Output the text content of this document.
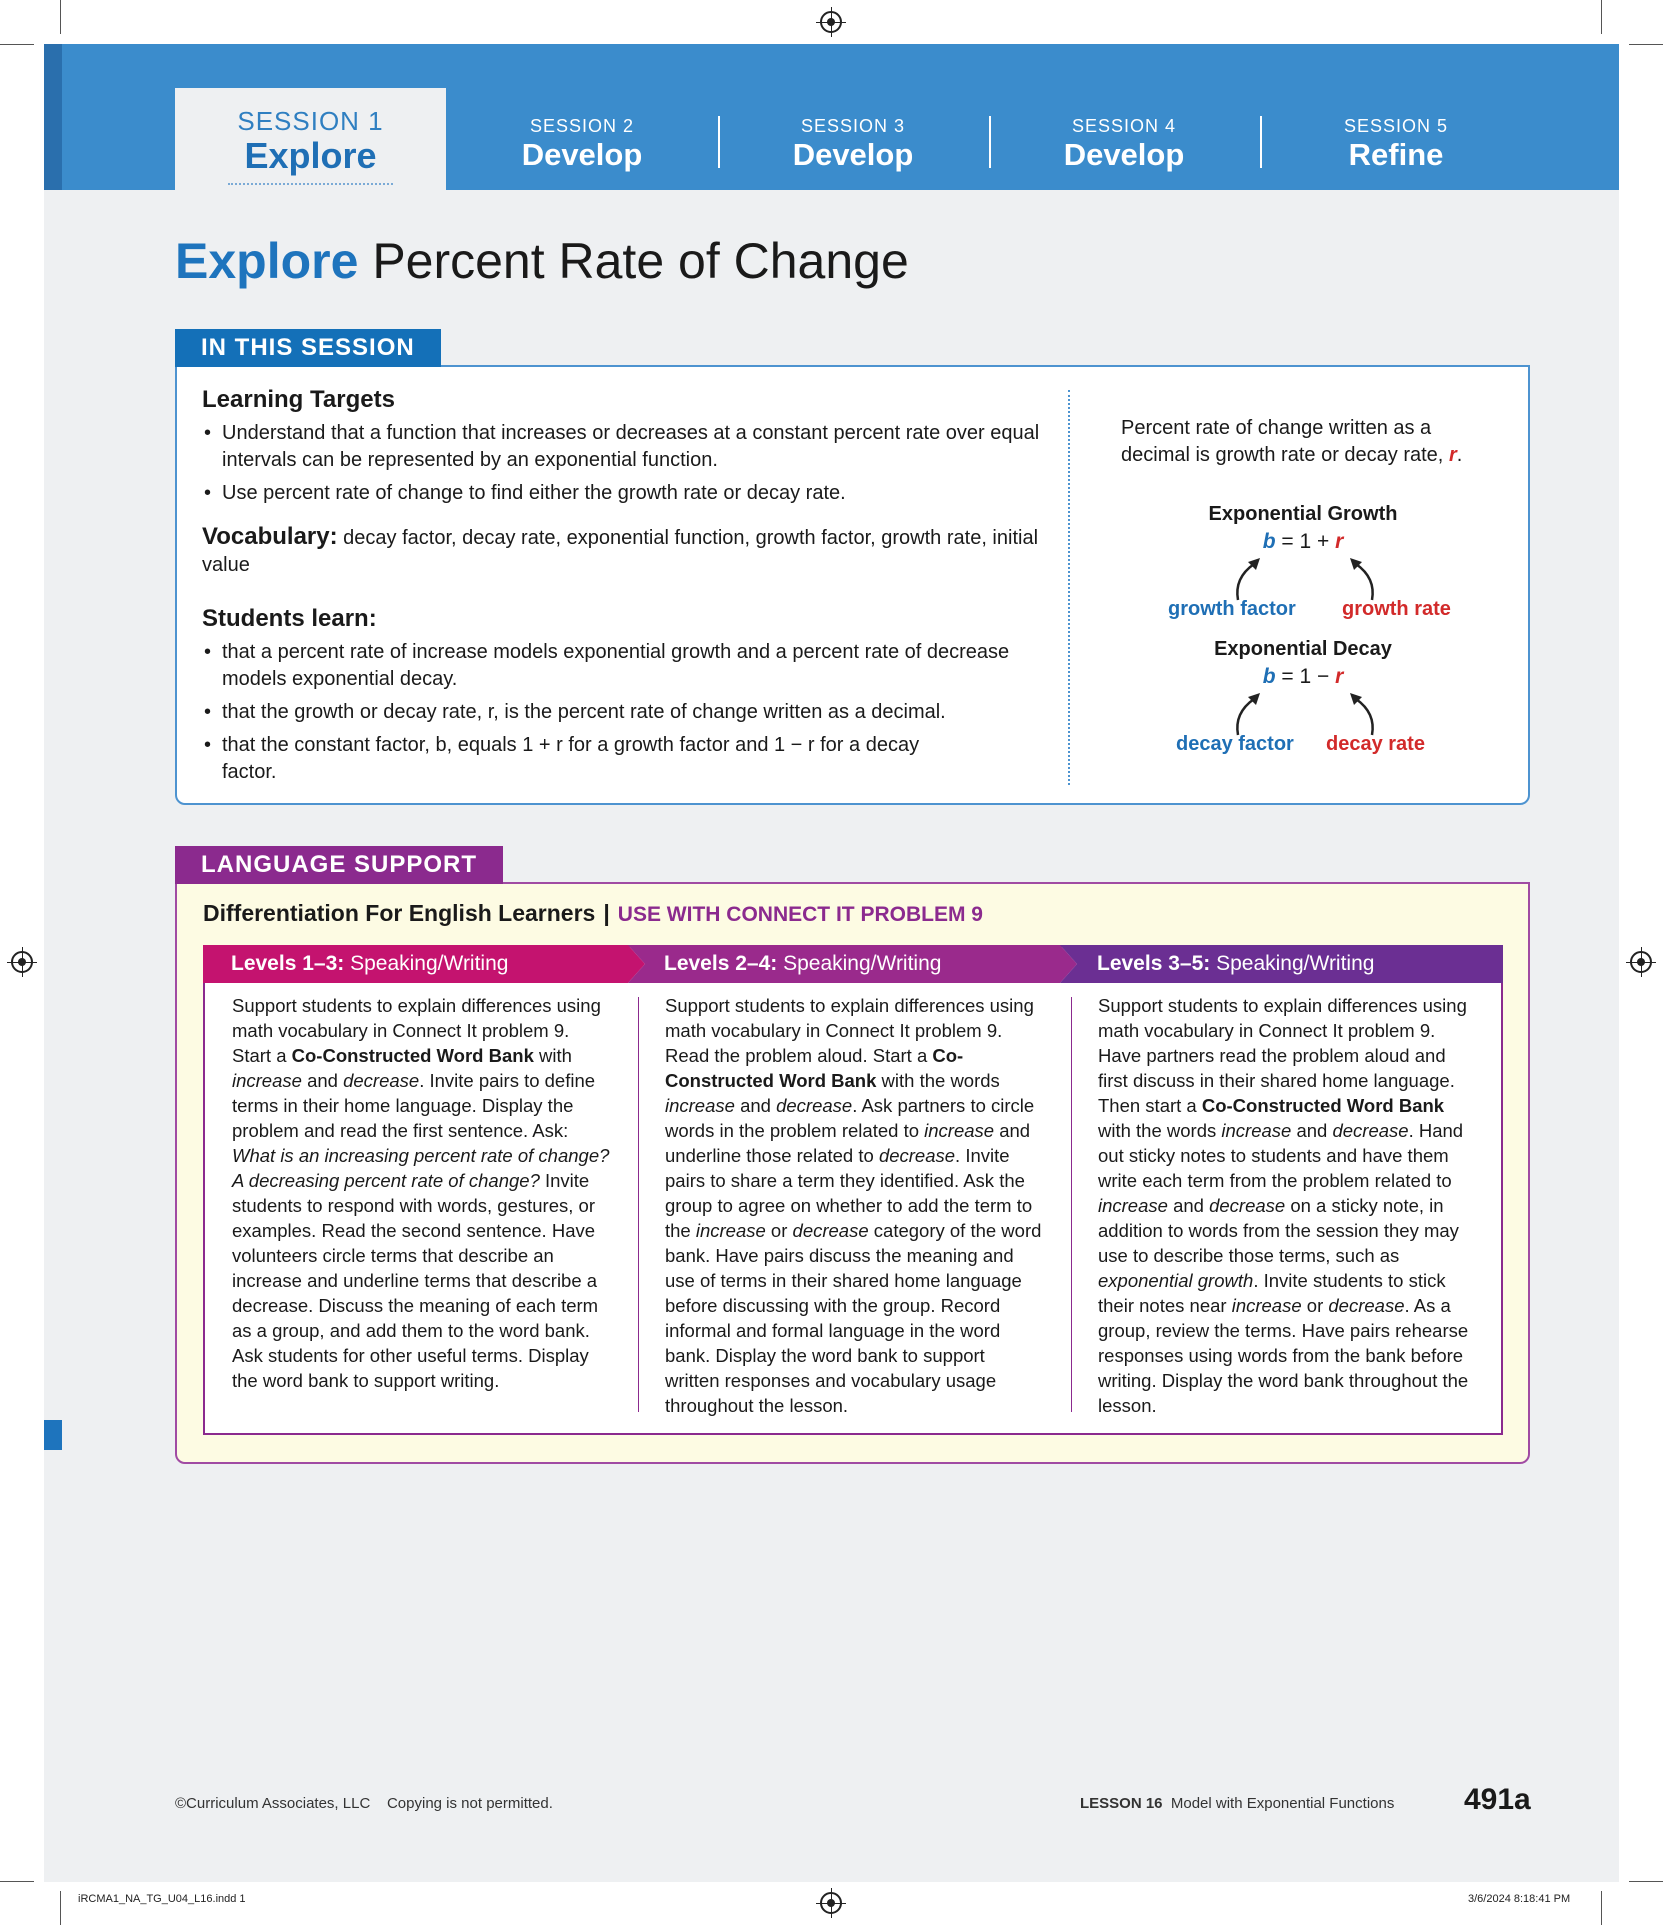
SESSION 1
Explore
SESSION 2
Develop
SESSION 3
Develop
SESSION 4
Develop
SESSION 5
Refine
Explore Percent Rate of Change
IN THIS SESSION
Learning Targets
• Understand that a function that increases or decreases at a constant percent rate over equal intervals can be represented by an exponential function.
• Use percent rate of change to find either the growth rate or decay rate.
Vocabulary: decay factor, decay rate, exponential function, growth factor, growth rate, initial value
Students learn:
• that a percent rate of increase models exponential growth and a percent rate of decrease models exponential decay.
• that the growth or decay rate, r, is the percent rate of change written as a decimal.
• that the constant factor, b, equals 1 + r for a growth factor and 1 − r for a decay factor.
Percent rate of change written as a decimal is growth rate or decay rate, r.
Exponential Growth
b = 1 + r
growth factor growth rate
Exponential Decay
b = 1 − r
decay factor decay rate
LANGUAGE SUPPORT
Differentiation For English Learners | USE WITH CONNECT IT PROBLEM 9
Levels 1–3: Speaking/Writing	Levels 2–4: Speaking/Writing	Levels 3–5: Speaking/Writing
Support students to explain differences using math vocabulary in Connect It problem 9. Start a Co-Constructed Word Bank with increase and decrease. Invite pairs to define terms in their home language. Display the problem and read the first sentence. Ask: What is an increasing percent rate of change? A decreasing percent rate of change? Invite students to respond with words, gestures, or examples. Read the second sentence. Have volunteers circle terms that describe an increase and underline terms that describe a decrease. Discuss the meaning of each term as a group, and add them to the word bank. Ask students for other useful terms. Display the word bank to support writing.
Support students to explain differences using math vocabulary in Connect It problem 9. Read the problem aloud. Start a Co-Constructed Word Bank with the words increase and decrease. Ask partners to circle words in the problem related to increase and underline those related to decrease. Invite pairs to share a term they identified. Ask the group to agree on whether to add the term to the increase or decrease category of the word bank. Have pairs discuss the meaning and use of terms in their shared home language before discussing with the group. Record informal and formal language in the word bank. Display the word bank to support written responses and vocabulary usage throughout the lesson.
Support students to explain differences using math vocabulary in Connect It problem 9. Have partners read the problem aloud and first discuss in their shared home language. Then start a Co-Constructed Word Bank with the words increase and decrease. Hand out sticky notes to students and have them write each term from the problem related to increase and decrease on a sticky note, in addition to words from the session they may use to describe those terms, such as exponential growth. Invite students to stick their notes near increase or decrease. As a group, review the terms. Have pairs rehearse responses using words from the bank before writing. Display the word bank throughout the lesson.
©Curriculum Associates, LLC Copying is not permitted.	LESSON 16 Model with Exponential Functions 491a
iRCMA1_NA_TG_U04_L16.indd 1	3/6/2024 8:18:41 PM
